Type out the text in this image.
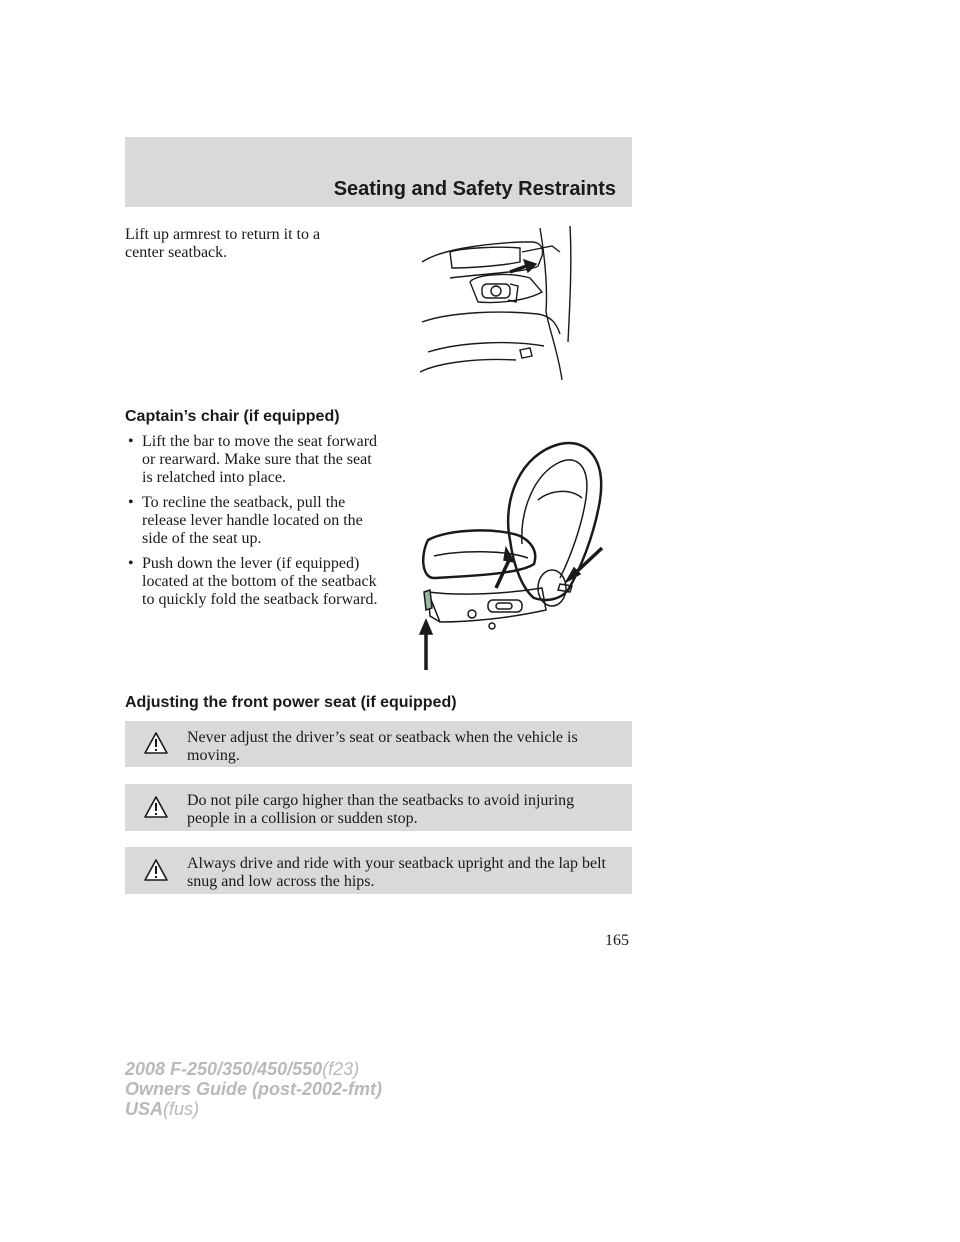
Seating and Safety Restraints

Lift up armrest to return it to a center seatback.

Captain’s chair (if equipped)
• Lift the bar to move the seat forward or rearward. Make sure that the seat is relatched into place.
• To recline the seatback, pull the release lever handle located on the side of the seat up.
• Push down the lever (if equipped) located at the bottom of the seatback to quickly fold the seatback forward.
Adjusting the front power seat (if equipped)

Never adjust the driver’s seat or seatback when the vehicle is moving.

Do not pile cargo higher than the seatbacks to avoid injuring people in a collision or sudden stop.

Always drive and ride with your seatback upright and the lap belt snug and low across the hips.

165
2008 F-250/350/450/550(f23)
Owners Guide (post-2002-fmt)
USA(fus)
